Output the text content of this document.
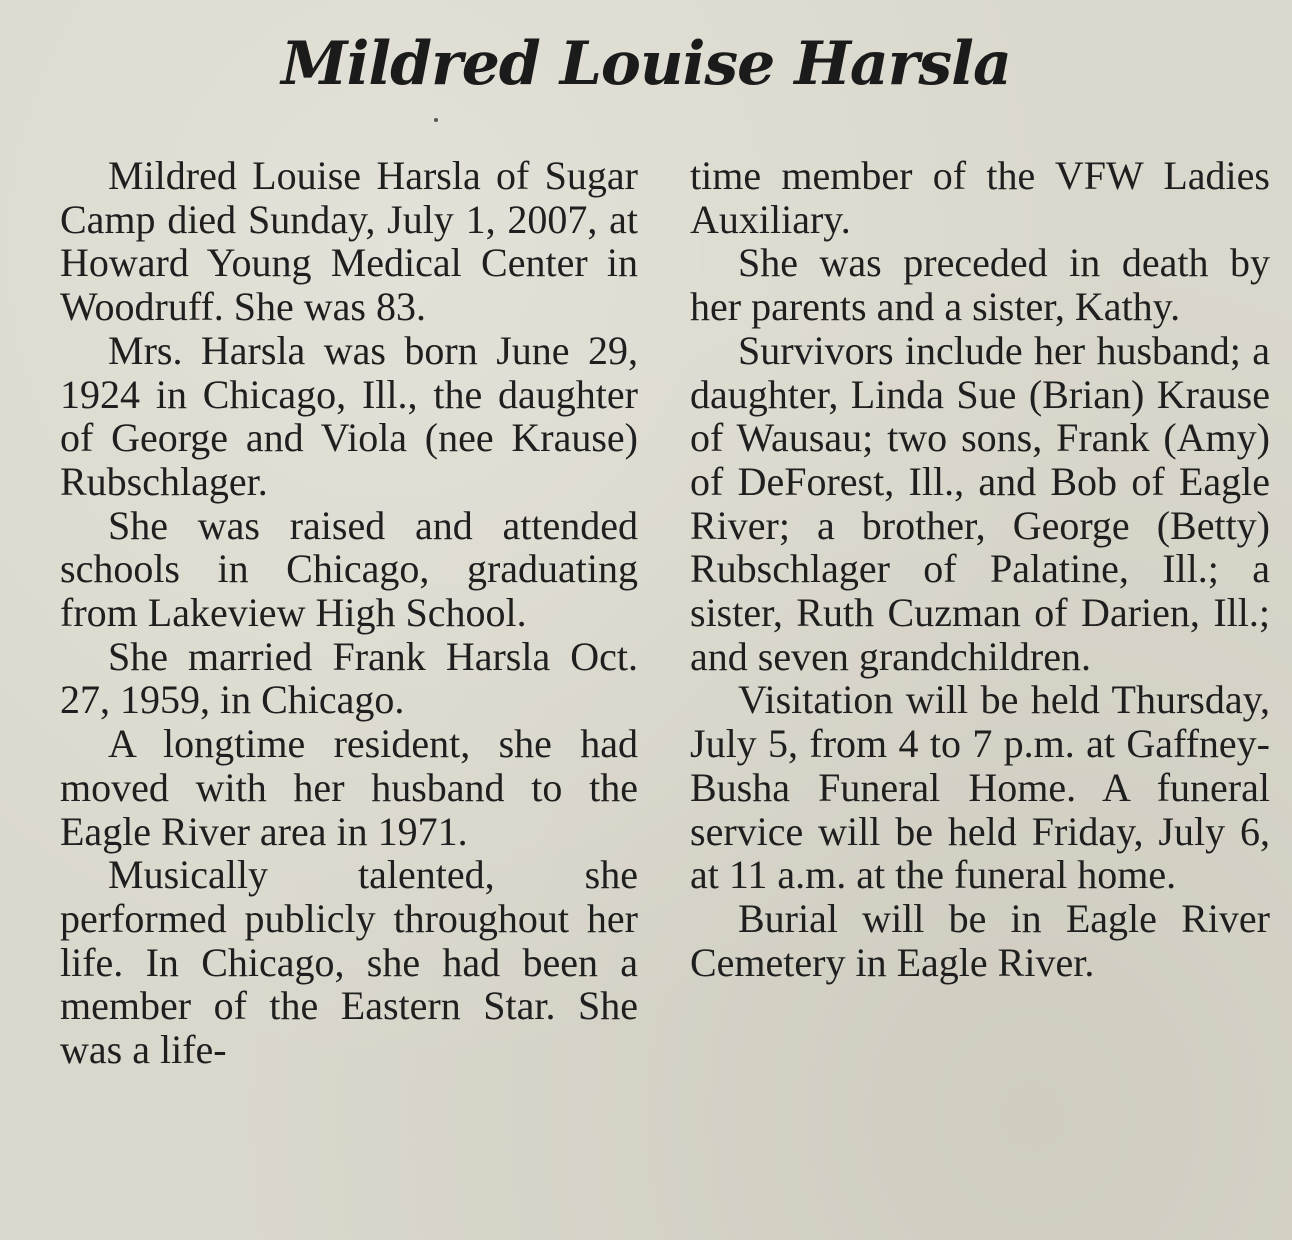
Mildred Louise Harsla

Mildred Louise Harsla of Sugar Camp died Sunday, July 1, 2007, at Howard Young Medical Center in Woodruff. She was 83.

Mrs. Harsla was born June 29, 1924 in Chicago, Ill., the daughter of George and Viola (nee Krause) Rubschlager.

She was raised and attended schools in Chicago, graduating from Lakeview High School.

She married Frank Harsla Oct. 27, 1959, in Chicago.

A longtime resident, she had moved with her husband to the Eagle River area in 1971.

Musically talented, she performed publicly throughout her life. In Chicago, she had been a member of the Eastern Star. She was a life-

time member of the VFW Ladies Auxiliary.

She was preceded in death by her parents and a sister, Kathy.

Survivors include her husband; a daughter, Linda Sue (Brian) Krause of Wausau; two sons, Frank (Amy) of DeForest, Ill., and Bob of Eagle River; a brother, George (Betty) Rubschlager of Palatine, Ill.; a sister, Ruth Cuzman of Darien, Ill.; and seven grandchildren.

Visitation will be held Thursday, July 5, from 4 to 7 p.m. at Gaffney-Busha Funeral Home. A funeral service will be held Friday, July 6, at 11 a.m. at the funeral home.

Burial will be in Eagle River Cemetery in Eagle River.
